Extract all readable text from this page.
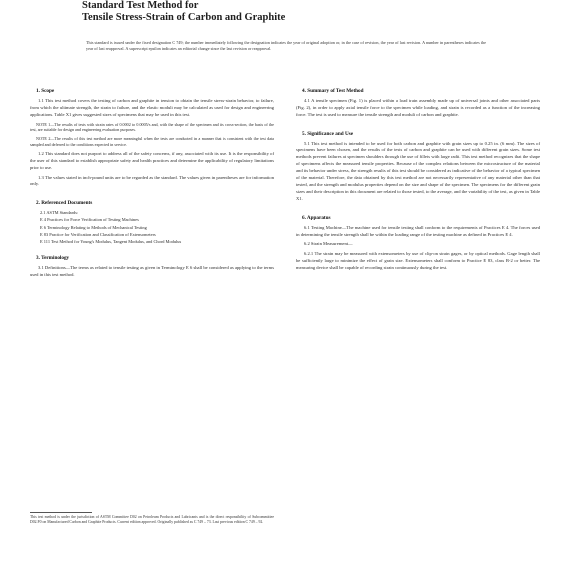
Standard Test Method for
Tensile Stress-Strain of Carbon and Graphite
This standard is issued under the fixed designation C 749; the number immediately following the designation indicates the year of original adoption or, in the case of revision, the year of last revision. A number in parentheses indicates the year of last reapproval. A superscript epsilon indicates an editorial change since the last revision or reapproval.
1. Scope

1.1 This test method covers the testing of carbon and graphite in tension to obtain the tensile stress-strain behavior, to failure, from which the ultimate strength, the strain to failure, and the elastic moduli may be calculated as used for design and engineering applications. Table X1 gives suggested sizes of specimens that may be used in this test.

NOTE 1—The results of tests with strain rates of 0.0002 to 0.0005/s and, with the shape of the specimen and its cross-section, the basis of the test, are suitable for design and engineering evaluation purposes.

NOTE 2—The results of this test method are more meaningful when the tests are conducted in a manner that is consistent with the test data sampled and deferred to the conditions expected in service.

1.2 This standard does not purport to address all of the safety concerns, if any, associated with its use. It is the responsibility of the user of this standard to establish appropriate safety and health practices and determine the applicability of regulatory limitations prior to use.

1.3 The values stated in inch-pound units are to be regarded as the standard. The values given in parentheses are for information only.

2. Referenced Documents
2.1 ASTM Standards:
E 4 Practices for Force Verification of Testing Machines
E 6 Terminology Relating to Methods of Mechanical Testing
E 83 Practice for Verification and Classification of Extensometers
E 111 Test Method for Young's Modulus, Tangent Modulus, and Chord Modulus
3. Terminology

3.1 Definitions—The terms as related to tensile testing as given in Terminology E 6 shall be considered as applying to the terms used in this test method.

This test method is under the jurisdiction of ASTM Committee D02 on Petroleum Products and Lubricants and is the direct responsibility of Subcommittee D02.F0 on Manufactured Carbon and Graphite Products. Current edition approved. Originally published as C 749 – 73. Last previous edition C 749 – 92.
4. Summary of Test Method

4.1 A tensile specimen (Fig. 1) is placed within a load train assembly made up of universal joints and other associated parts (Fig. 2), in order to apply axial tensile force to the specimen while loading, and strain is recorded as a function of the increasing force. The test is used to measure the tensile strength and moduli of carbon and graphite.

5. Significance and Use

5.1 This test method is intended to be used for both carbon and graphite with grain sizes up to 0.25 in. (6 mm). The sizes of specimens have been chosen, and the results of the tests of carbon and graphite can be used with different grain sizes. Some test methods prevent failures at specimen shoulders through the use of fillets with large radii. This test method recognizes that the shape of specimens affects the measured tensile properties. Because of the complex relations between the microstructure of the material and its behavior under stress, the strength results of this test should be considered as indicative of the behavior of a typical specimen of the material. Therefore, the data obtained by this test method are not necessarily representative of any material other than that tested, and the strength and modulus properties depend on the size and shape of the specimen. The specimens for the different grain sizes and their description in this document are related to those tested, to the average, and the variability of the test, as given in Table X1.

6. Apparatus

6.1 Testing Machine—The machine used for tensile testing shall conform to the requirements of Practices E 4. The forces used in determining the tensile strength shall be within the loading range of the testing machine as defined in Practices E 4.

6.2 Strain Measurement—

6.2.1 The strain may be measured with extensometers by use of clip-on strain gages, or by optical methods. Gage length shall be sufficiently large to minimize the effect of grain size. Extensometers shall conform to Practice E 83, class B-2 or better. The measuring device shall be capable of recording strain continuously during the test.
